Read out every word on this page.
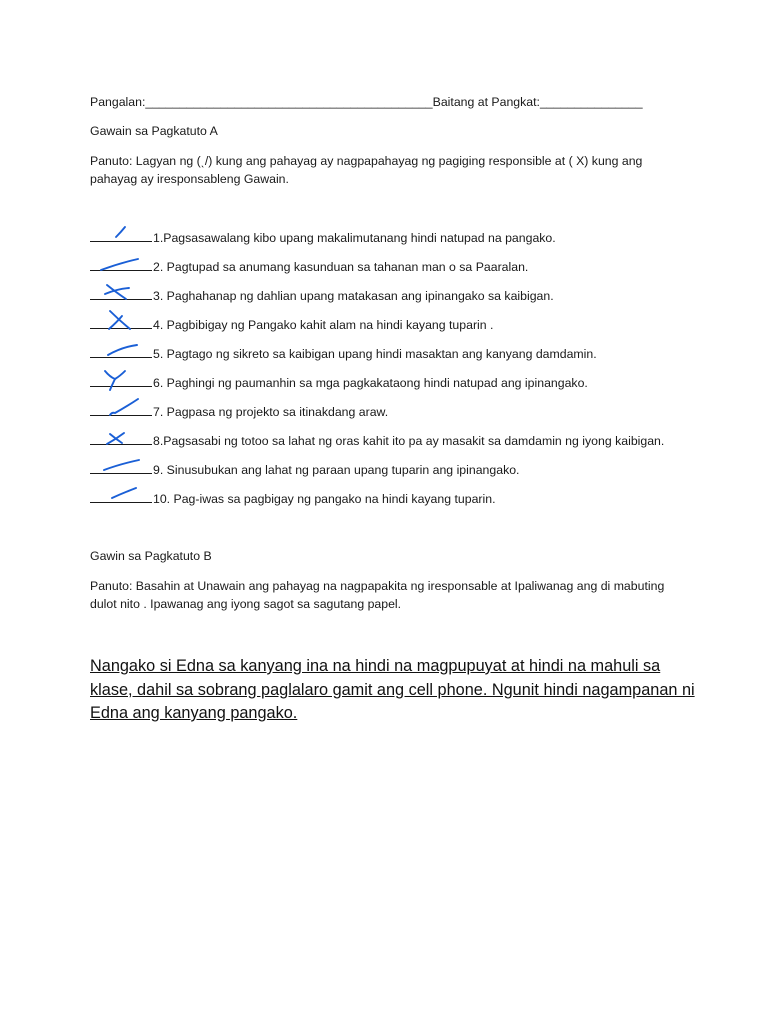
Pangalan:__________________________________________Baitang at Pangkat:_______________
Gawain sa Pagkatuto A
Panuto: Lagyan ng (ˎ/) kung ang pahayag ay nagpapahayag ng pagiging responsible at ( X) kung ang pahayag ay iresponsableng Gawain.
1.Pagsasawalang kibo upang makalimutanang hindi natupad na pangako.
2. Pagtupad sa anumang kasunduan sa tahanan man o sa Paaralan.
3. Paghahanap ng dahlian upang matakasan ang ipinangako sa kaibigan.
4. Pagbibigay ng Pangako kahit alam na hindi kayang tuparin .
5. Pagtago ng sikreto sa kaibigan upang hindi masaktan ang kanyang damdamin.
6. Paghingi ng paumanhin sa mga pagkakataong hindi natupad ang ipinangako.
7. Pagpasa ng projekto sa itinakdang araw.
8.Pagsasabi ng totoo sa lahat ng oras kahit ito pa ay masakit sa damdamin ng iyong kaibigan.
9. Sinusubukan ang lahat ng paraan upang tuparin ang ipinangako.
10. Pag-iwas sa pagbigay ng pangako na hindi kayang tuparin.
Gawin sa Pagkatuto B
Panuto: Basahin at Unawain ang pahayag na nagpapakita ng iresponsable at Ipaliwanag ang di mabuting dulot nito . Ipawanag ang iyong sagot sa sagutang papel.
Nangako si Edna sa kanyang ina na hindi na magpupuyat at hindi na mahuli sa klase, dahil sa sobrang paglalaro gamit ang cell phone. Ngunit hindi nagampanan ni Edna ang kanyang pangako.
